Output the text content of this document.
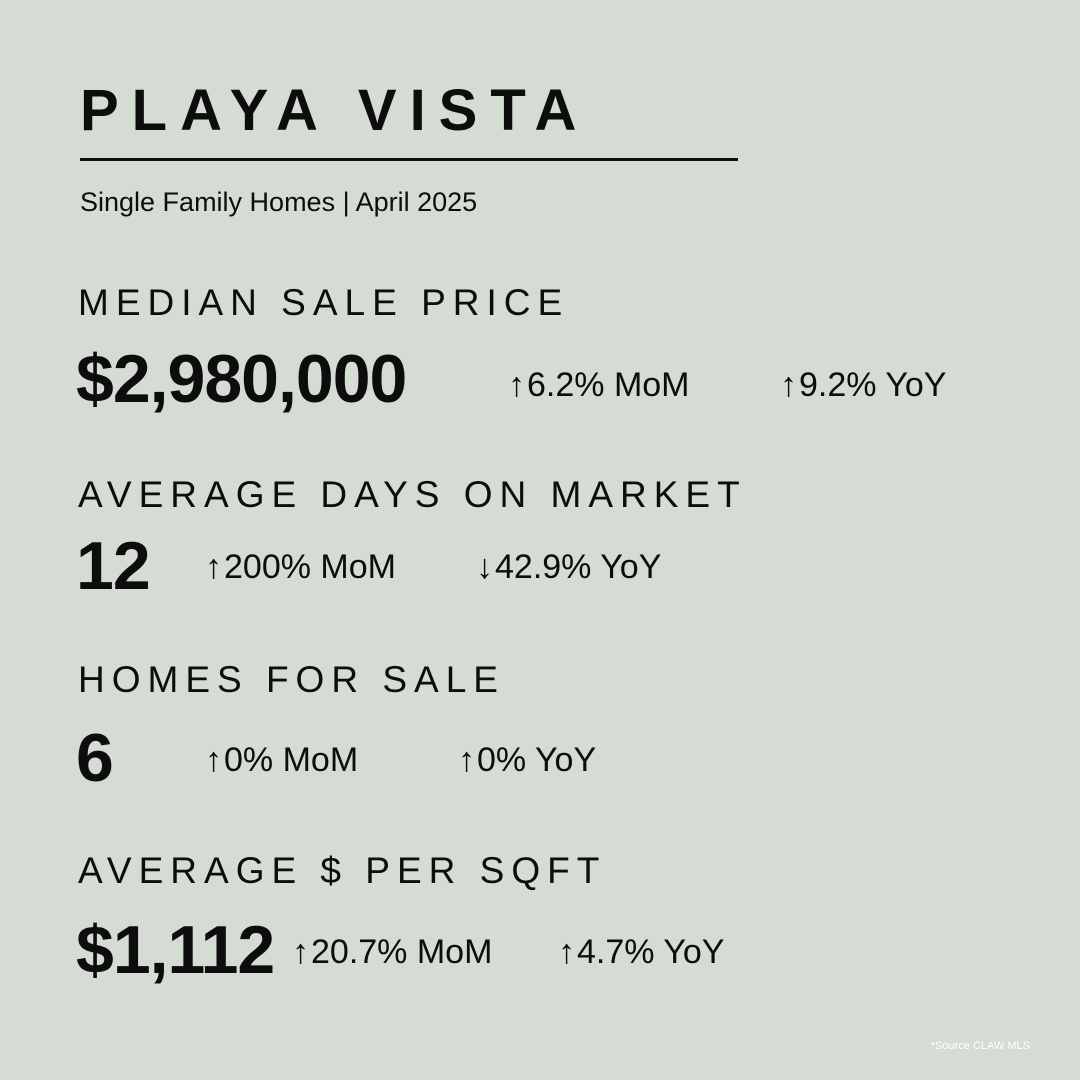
PLAYA VISTA
Single Family Homes | April 2025
MEDIAN SALE PRICE
$2,980,000	↑6.2% MoM	↑9.2% YoY
AVERAGE DAYS ON MARKET
12 ↑200% MoM ↓42.9% YoY
HOMES FOR SALE
6	↑0% MoM	↑0% YoY
AVERAGE $ PER SQFT
$1,112 ↑20.7% MoM ↑4.7% YoY
*Source CLAW MLS
